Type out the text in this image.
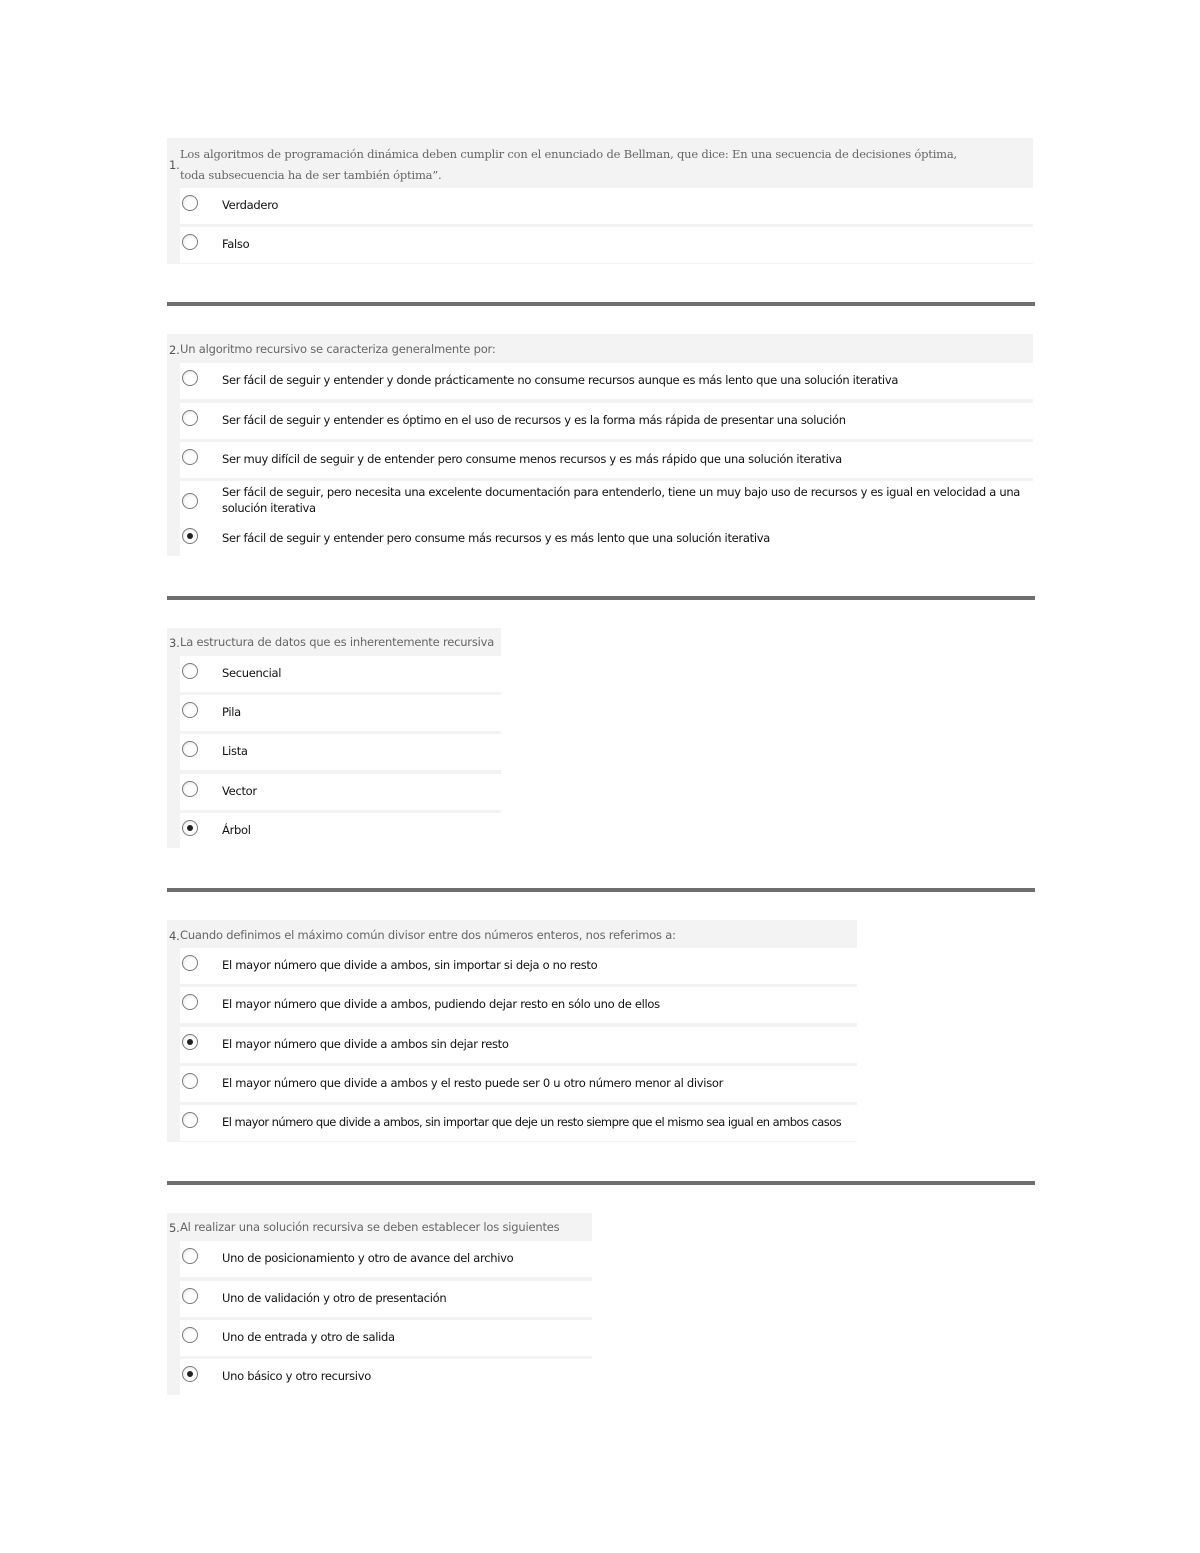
1.
Los algoritmos de programación dinámica deben cumplir con el enunciado de Bellman, que dice: En una secuencia de decisiones óptima, toda subsecuencia ha de ser también óptima”.
Verdadero
Falso
2. Un algoritmo recursivo se caracteriza generalmente por:
Ser fácil de seguir y entender y donde prácticamente no consume recursos aunque es más lento que una solución iterativa
Ser fácil de seguir y entender es óptimo en el uso de recursos y es la forma más rápida de presentar una solución
Ser muy difícil de seguir y de entender pero consume menos recursos y es más rápido que una solución iterativa
Ser fácil de seguir, pero necesita una excelente documentación para entenderlo, tiene un muy bajo uso de recursos y es igual en velocidad a una solución iterativa
Ser fácil de seguir y entender pero consume más recursos y es más lento que una solución iterativa
3. La estructura de datos que es inherentemente recursiva
Secuencial
Pila
Lista
Vector
Árbol
4. Cuando definimos el máximo común divisor entre dos números enteros, nos referimos a:
El mayor número que divide a ambos, sin importar si deja o no resto
El mayor número que divide a ambos, pudiendo dejar resto en sólo uno de ellos
El mayor número que divide a ambos sin dejar resto
El mayor número que divide a ambos y el resto puede ser 0 u otro número menor al divisor
El mayor número que divide a ambos, sin importar que deje un resto siempre que el mismo sea igual en ambos casos
5. Al realizar una solución recursiva se deben establecer los siguientes
Uno de posicionamiento y otro de avance del archivo
Uno de validación y otro de presentación
Uno de entrada y otro de salida
Uno básico y otro recursivo
